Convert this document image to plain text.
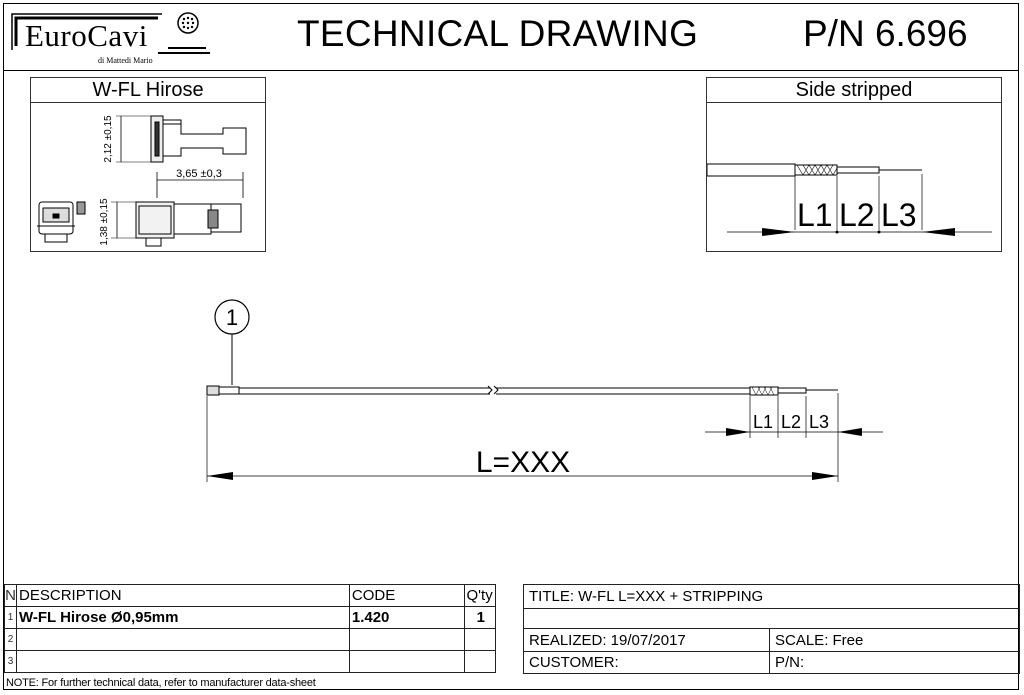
EuroCavi
di Mattedi Mario
TECHNICAL DRAWING	P/N 6.696
W-FL Hirose
2,12 ±0,15
3,65 ±0,3
1,38 ±0,15
Side stripped
L1 L2 L3
1
L1 L2 L3
L=XXX
N	DESCRIPTION	CODE	Q'ty
1	W-FL Hirose Ø0,95mm	1.420	1
2			
3			
TITLE: W-FL L=XXX + STRIPPING	

REALIZED: 19/07/2017	SCALE: Free
CUSTOMER:	P/N:
NOTE: For further technical data, refer to manufacturer data-sheet
